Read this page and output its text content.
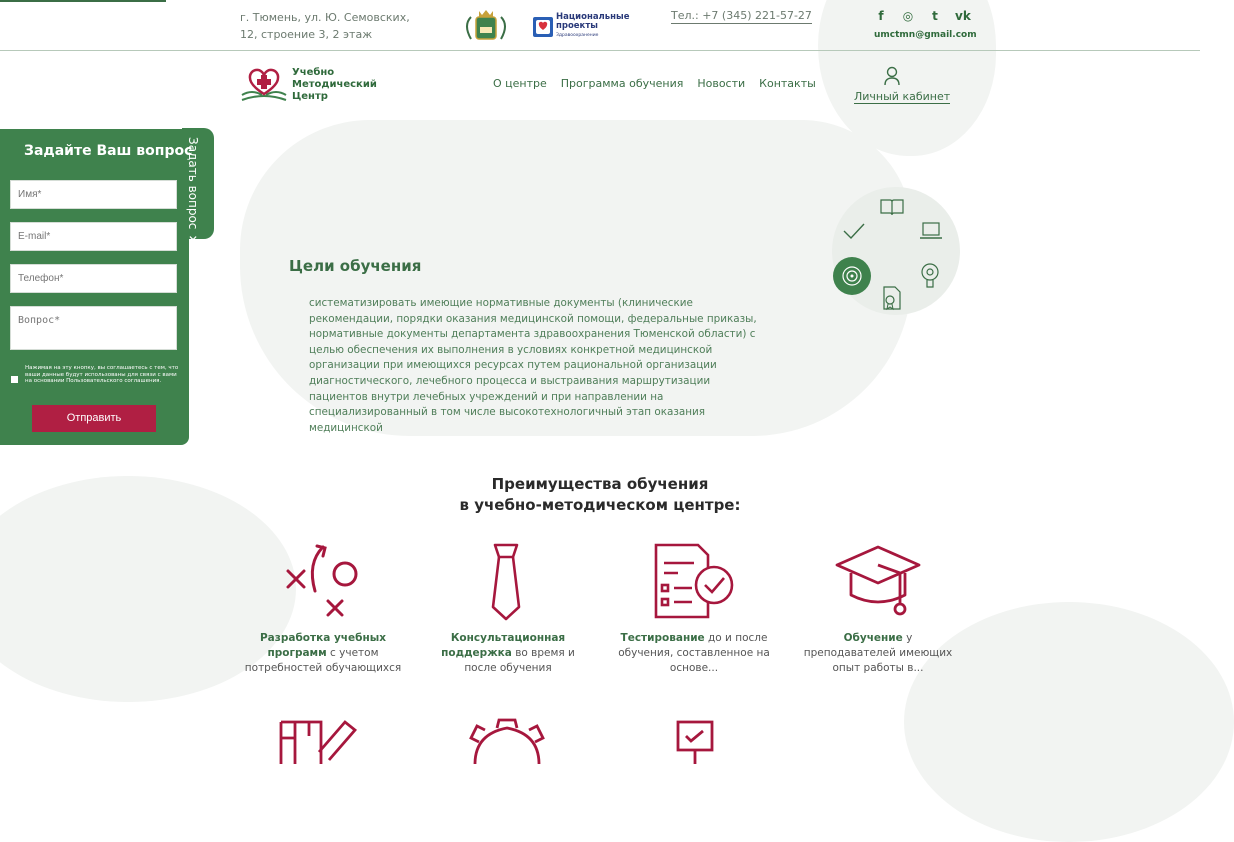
г. Тюмень, ул. Ю. Семовских,
12, строение 3, 2 этаж
Национальные
проекты
Здравоохранение
Тел.: +7 (345) 221-57-27	f	◎	t	vk
umctmn@gmail.com
Учебно
Методический
Центр
О центре Программа обучения Новости Контакты
Личный кабинет
Цели обучения
систематизировать имеющие нормативные документы (клинические рекомендации, порядки оказания медицинской помощи, федеральные приказы, нормативные документы департамента здравоохранения Тюменской области) с целью обеспечения их выполнения в условиях конкретной медицинской организации при имеющихся ресурсах путем рациональной организации диагностического, лечебного процесса и выстраивания маршрутизации пациентов внутри лечебных учреждений и при направлении на специализированный в том числе высокотехнологичный этап оказания медицинской
Задать вопрос ✕
Задайте Ваш вопрос
Имя*
E-mail*
Телефон*
Вопрос*
Нажимая на эту кнопку, вы соглашаетесь с тем, что ваши данные будут использованы для связи с вами на основании Пользовательского соглашения.
Отправить
Преимущества обучения
в учебно-методическом центре:
Разработка учебных программ с учетом потребностей обучающихся
Консультационная поддержка во время и после обучения
Тестирование до и после обучения, составленное на основе...
Обучение у преподавателей имеющих опыт работы в...
